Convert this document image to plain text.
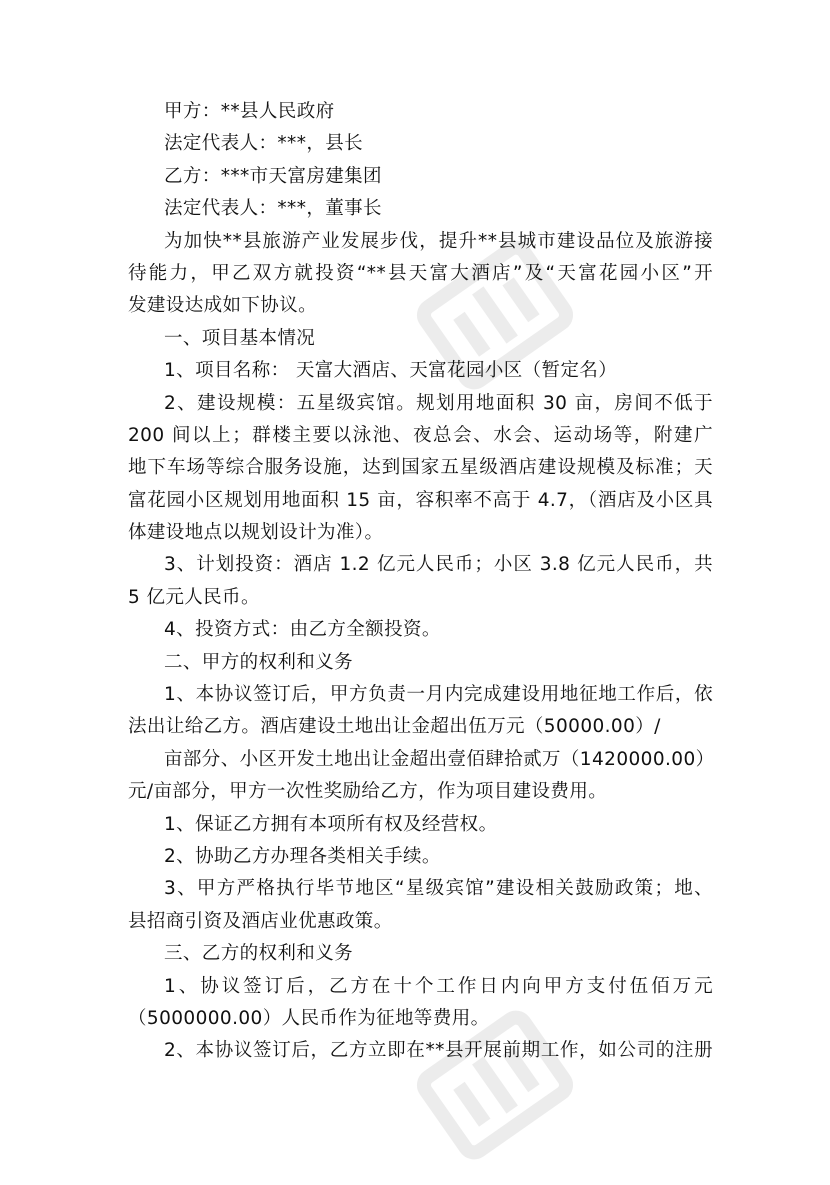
甲方：**县人民政府

法定代表人：***，县长

乙方：***市天富房建集团

法定代表人：***，董事长

为加快**县旅游产业发展步伐，提升**县城市建设品位及旅游接

待能力，甲乙双方就投资“**县天富大酒店”及“天富花园小区”开

发建设达成如下协议。

一、项目基本情况

1、项目名称： 天富大酒店、天富花园小区（暂定名）

2、建设规模：五星级宾馆。规划用地面积 30 亩，房间不低于

200 间以上；群楼主要以泳池、夜总会、水会、运动场等，附建广

地下车场等综合服务设施，达到国家五星级酒店建设规模及标准；天

富花园小区规划用地面积 15 亩，容积率不高于 4.7，（酒店及小区具

体建设地点以规划设计为准）。

3、计划投资：酒店 1.2 亿元人民币；小区 3.8 亿元人民币，共

5 亿元人民币。

4、投资方式：由乙方全额投资。

二、甲方的权利和义务

1、本协议签订后，甲方负责一月内完成建设用地征地工作后，依

法出让给乙方。酒店建设土地出让金超出伍万元（50000.00）/

亩部分、小区开发土地出让金超出壹佰肆拾贰万（1420000.00）

元/亩部分，甲方一次性奖励给乙方，作为项目建设费用。

1、保证乙方拥有本项所有权及经营权。

2、协助乙方办理各类相关手续。

3、甲方严格执行毕节地区“星级宾馆”建设相关鼓励政策；地、

县招商引资及酒店业优惠政策。

三、乙方的权利和义务

1、协议签订后，乙方在十个工作日内向甲方支付伍佰万元

（5000000.00）人民币作为征地等费用。

2、本协议签订后，乙方立即在**县开展前期工作，如公司的注册
